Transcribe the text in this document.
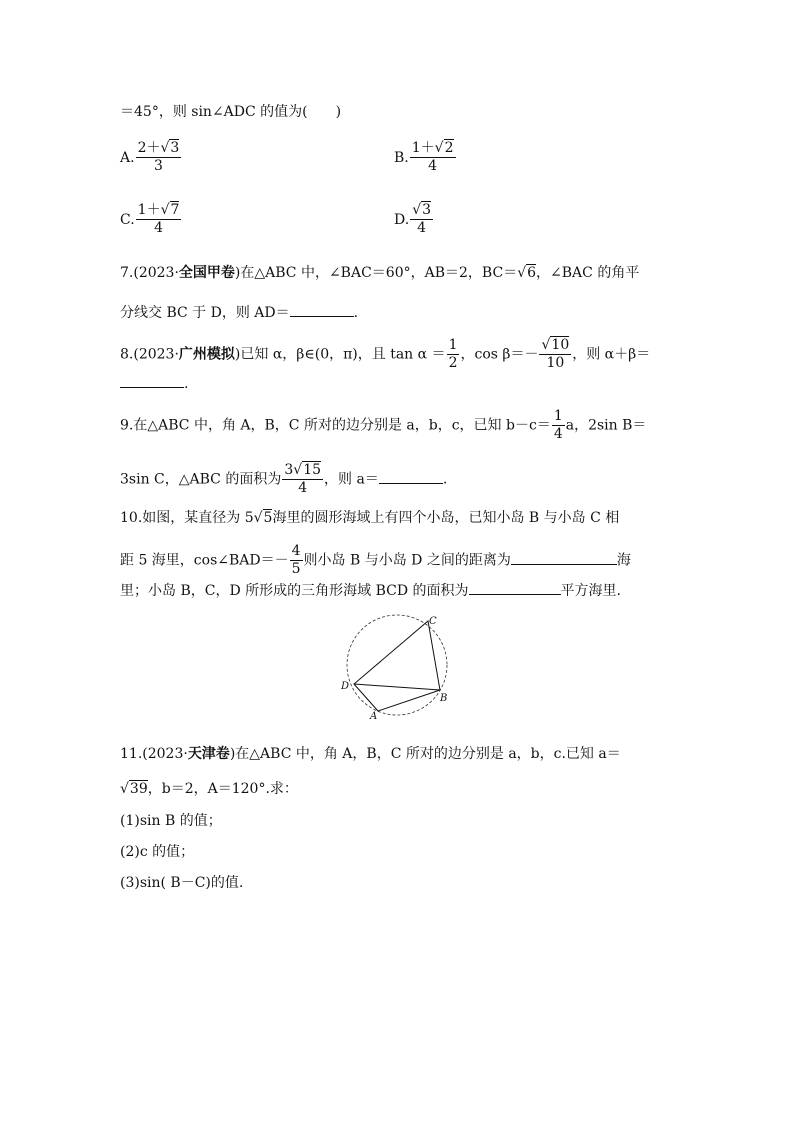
＝45°，则 sin∠ADC 的值为(　　)
A. $\frac{2+√3}{3}$	B. $\frac{1+√2}{4}$
C. $\frac{1+√7}{4}$	D. $\frac{√3}{4}$
7.(2023·全国甲卷)在△ABC 中，∠BAC＝60°，AB＝2，BC＝√6，∠BAC 的角平
分线交 BC 于 D，则 AD＝	.
8.(2023·广州模拟)已知 α，β∈(0，π)，且 $\tan \alpha = \frac{1}{2}$ ，$\cos \beta=- \frac{√10}{10}$ ，则 α＋β＝
.
9.在△ABC 中，角 A，B，C 所对的边分别是 a，b，c，已知 $b-c= \frac{1}{4}$ a，2sin B＝
3sin C，△ABC 的面积为 $\frac{3√15}{4}$ ，则 a＝	.
10.如图，某直径为 5√5海里的圆形海域上有四个小岛，已知小岛 B 与小岛 C 相
距 5 海里，cos∠BAD＝－ $\frac{4}{5}$ 则小岛 B 与小岛 D 之间的距离为	海
里；小岛 B，C，D 所形成的三角形海域 BCD 的面积为	平方海里.
C
D
A
B
11.(2023·天津卷)在△ABC 中，角 A，B，C 所对的边分别是 a，b，c.已知 a＝
√39，b＝2，A＝120°.求：
(1)sin B 的值；
(2)c 的值；
(3)sin( B－C)的值.
